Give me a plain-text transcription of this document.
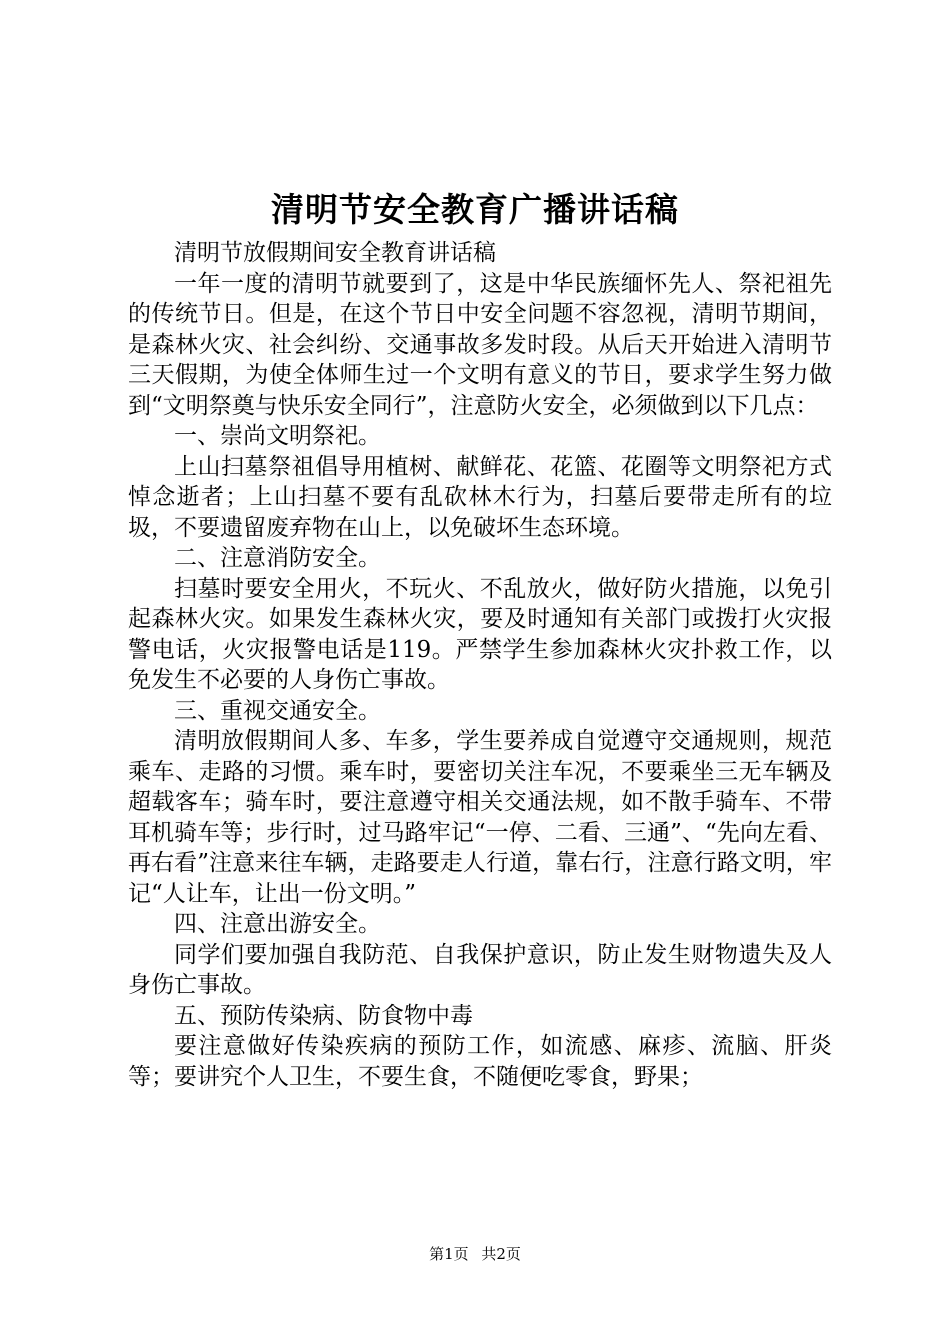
清明节安全教育广播讲话稿

清明节放假期间安全教育讲话稿

一年一度的清明节就要到了，这是中华民族缅怀先人、祭祀祖先的传统节日。但是，在这个节日中安全问题不容忽视，清明节期间，是森林火灾、社会纠纷、交通事故多发时段。从后天开始进入清明节三天假期，为使全体师生过一个文明有意义的节日，要求学生努力做到“文明祭奠与快乐安全同行”，注意防火安全，必须做到以下几点：

一、崇尚文明祭祀。

上山扫墓祭祖倡导用植树、献鲜花、花篮、花圈等文明祭祀方式悼念逝者；上山扫墓不要有乱砍林木行为，扫墓后要带走所有的垃圾，不要遗留废弃物在山上，以免破坏生态环境。

二、注意消防安全。

扫墓时要安全用火，不玩火、不乱放火，做好防火措施，以免引起森林火灾。如果发生森林火灾，要及时通知有关部门或拨打火灾报警电话，火灾报警电话是119。严禁学生参加森林火灾扑救工作，以免发生不必要的人身伤亡事故。

三、重视交通安全。

清明放假期间人多、车多，学生要养成自觉遵守交通规则，规范乘车、走路的习惯。乘车时，要密切关注车况，不要乘坐三无车辆及超载客车；骑车时，要注意遵守相关交通法规，如不散手骑车、不带耳机骑车等；步行时，过马路牢记“一停、二看、三通”、“先向左看、再右看”注意来往车辆，走路要走人行道，靠右行，注意行路文明，牢记“人让车，让出一份文明。”

四、注意出游安全。

同学们要加强自我防范、自我保护意识，防止发生财物遗失及人身伤亡事故。

五、预防传染病、防食物中毒

要注意做好传染疾病的预防工作，如流感、麻疹、流脑、肝炎等；要讲究个人卫生，不要生食，不随便吃零食，野果；

第1页 共2页
